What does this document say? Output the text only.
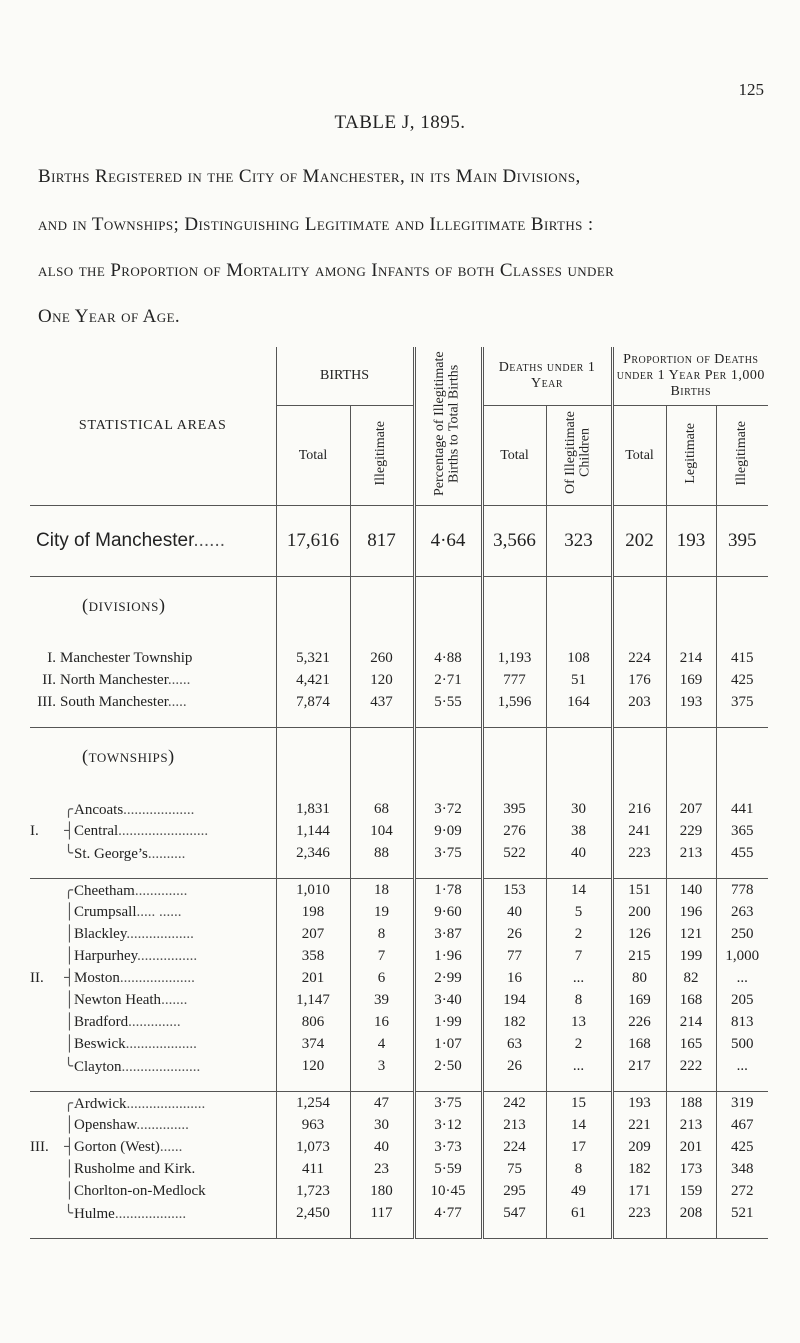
125
TABLE J, 1895.
Births Registered in the City of Manchester, in its Main Divisions,
and in Townships; Distinguishing Legitimate and Illegitimate Births :
also the Proportion of Mortality among Infants of both Classes under
One Year of Age.
STATISTICAL AREAS	BIRTHS		Percentage of Illegitimate Births to Total Births	Deaths under 1 Year		Proportion of Deaths under 1 Year Per 1,000 Births		
	Total	Illegitimate		Total	Of Illegitimate Children	Total	Legitimate	Illegitimate
City of Manchester......	17,616	817	4·64	3,566	323	202	193	395
(divisions)								

I. Manchester Township	5,321	260	4·88	1,193	108	224	214	415
II. North Manchester......	4,421	120	2·71	777	51	176	169	425
III. South Manchester.....	7,874	437	5·55	1,596	164	203	193	375

(townships)								

╭Ancoats...................	1,831	68	3·72	395	30	216	207	441
I. ┤Central........................	1,144	104	9·09	276	38	241	229	365
╰St. George’s..........	2,346	88	3·75	522	40	223	213	455

╭Cheetham..............	1,010	18	1·78	153	14	151	140	778
│Crumpsall..... ......	198	19	9·60	40	5	200	196	263
│Blackley..................	207	8	3·87	26	2	126	121	250
│Harpurhey................	358	7	1·96	77	7	215	199	1,000
II. ┤Moston....................	201	6	2·99	16	...	80	82	...
│Newton Heath.......	1,147	39	3·40	194	8	169	168	205
│Bradford..............	806	16	1·99	182	13	226	214	813
│Beswick...................	374	4	1·07	63	2	168	165	500
╰Clayton.....................	120	3	2·50	26	...	217	222	...

╭Ardwick.....................	1,254	47	3·75	242	15	193	188	319
│Openshaw..............	963	30	3·12	213	14	221	213	467
III. ┤Gorton (West)......	1,073	40	3·73	224	17	209	201	425
│Rusholme and Kirk.	411	23	5·59	75	8	182	173	348
│Chorlton-on-Medlock	1,723	180	10·45	295	49	171	159	272
╰Hulme...................	2,450	117	4·77	547	61	223	208	521
